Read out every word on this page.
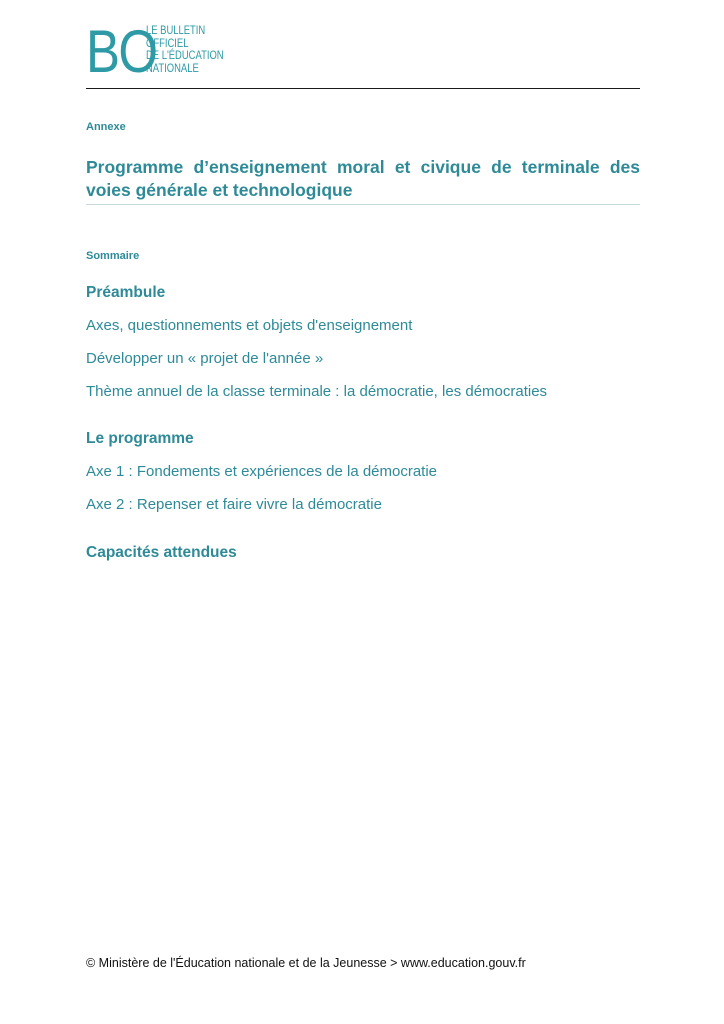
BO
LE BULLETIN
OFFICIEL
DE L'ÉDUCATION
NATIONALE
Annexe
Programme d’enseignement moral et civique de terminale des voies générale et technologique
Sommaire
Préambule
Axes, questionnements et objets d'enseignement
Développer un « projet de l'année »
Thème annuel de la classe terminale : la démocratie, les démocraties
Le programme
Axe 1 : Fondements et expériences de la démocratie
Axe 2 : Repenser et faire vivre la démocratie
Capacités attendues
© Ministère de l'Éducation nationale et de la Jeunesse > www.education.gouv.fr
